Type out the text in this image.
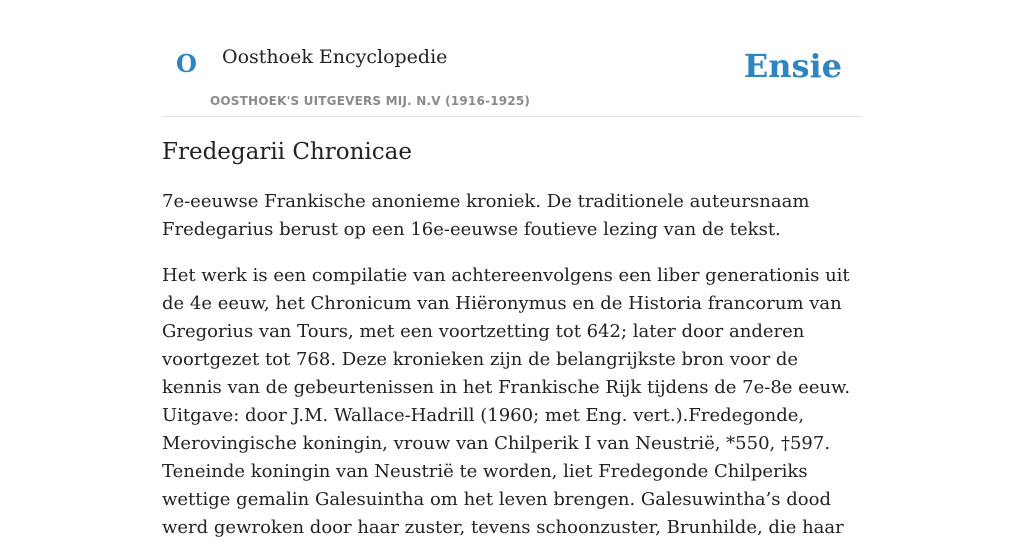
O Oosthoek Encyclopedie
OOSTHOEK'S UITGEVERS MIJ. N.V (1916-1925)
Ensie
Fredegarii Chronicae

7e-eeuwse Frankische anonieme kroniek. De traditionele auteursnaam Fredegarius berust op een 16e-eeuwse foutieve lezing van de tekst.

Het werk is een compilatie van achtereenvolgens een liber generationis uit de 4e eeuw, het Chronicum van Hiëronymus en de Historia francorum van Gregorius van Tours, met een voortzetting tot 642; later door anderen voortgezet tot 768. Deze kronieken zijn de belangrijkste bron voor de kennis van de gebeurtenissen in het Frankische Rijk tijdens de 7e-8e eeuw. Uitgave: door J.M. Wallace-Hadrill (1960; met Eng. vert.).Fredegonde, Merovingische koningin, vrouw van Chilperik I van Neustrië, *550, †597. Teneinde koningin van Neustrië te worden, liet Fredegonde Chilperiks wettige gemalin Galesuintha om het leven brengen. Galesuwintha’s dood werd gewroken door haar zuster, tevens schoonzuster, Brunhilde, die haar
